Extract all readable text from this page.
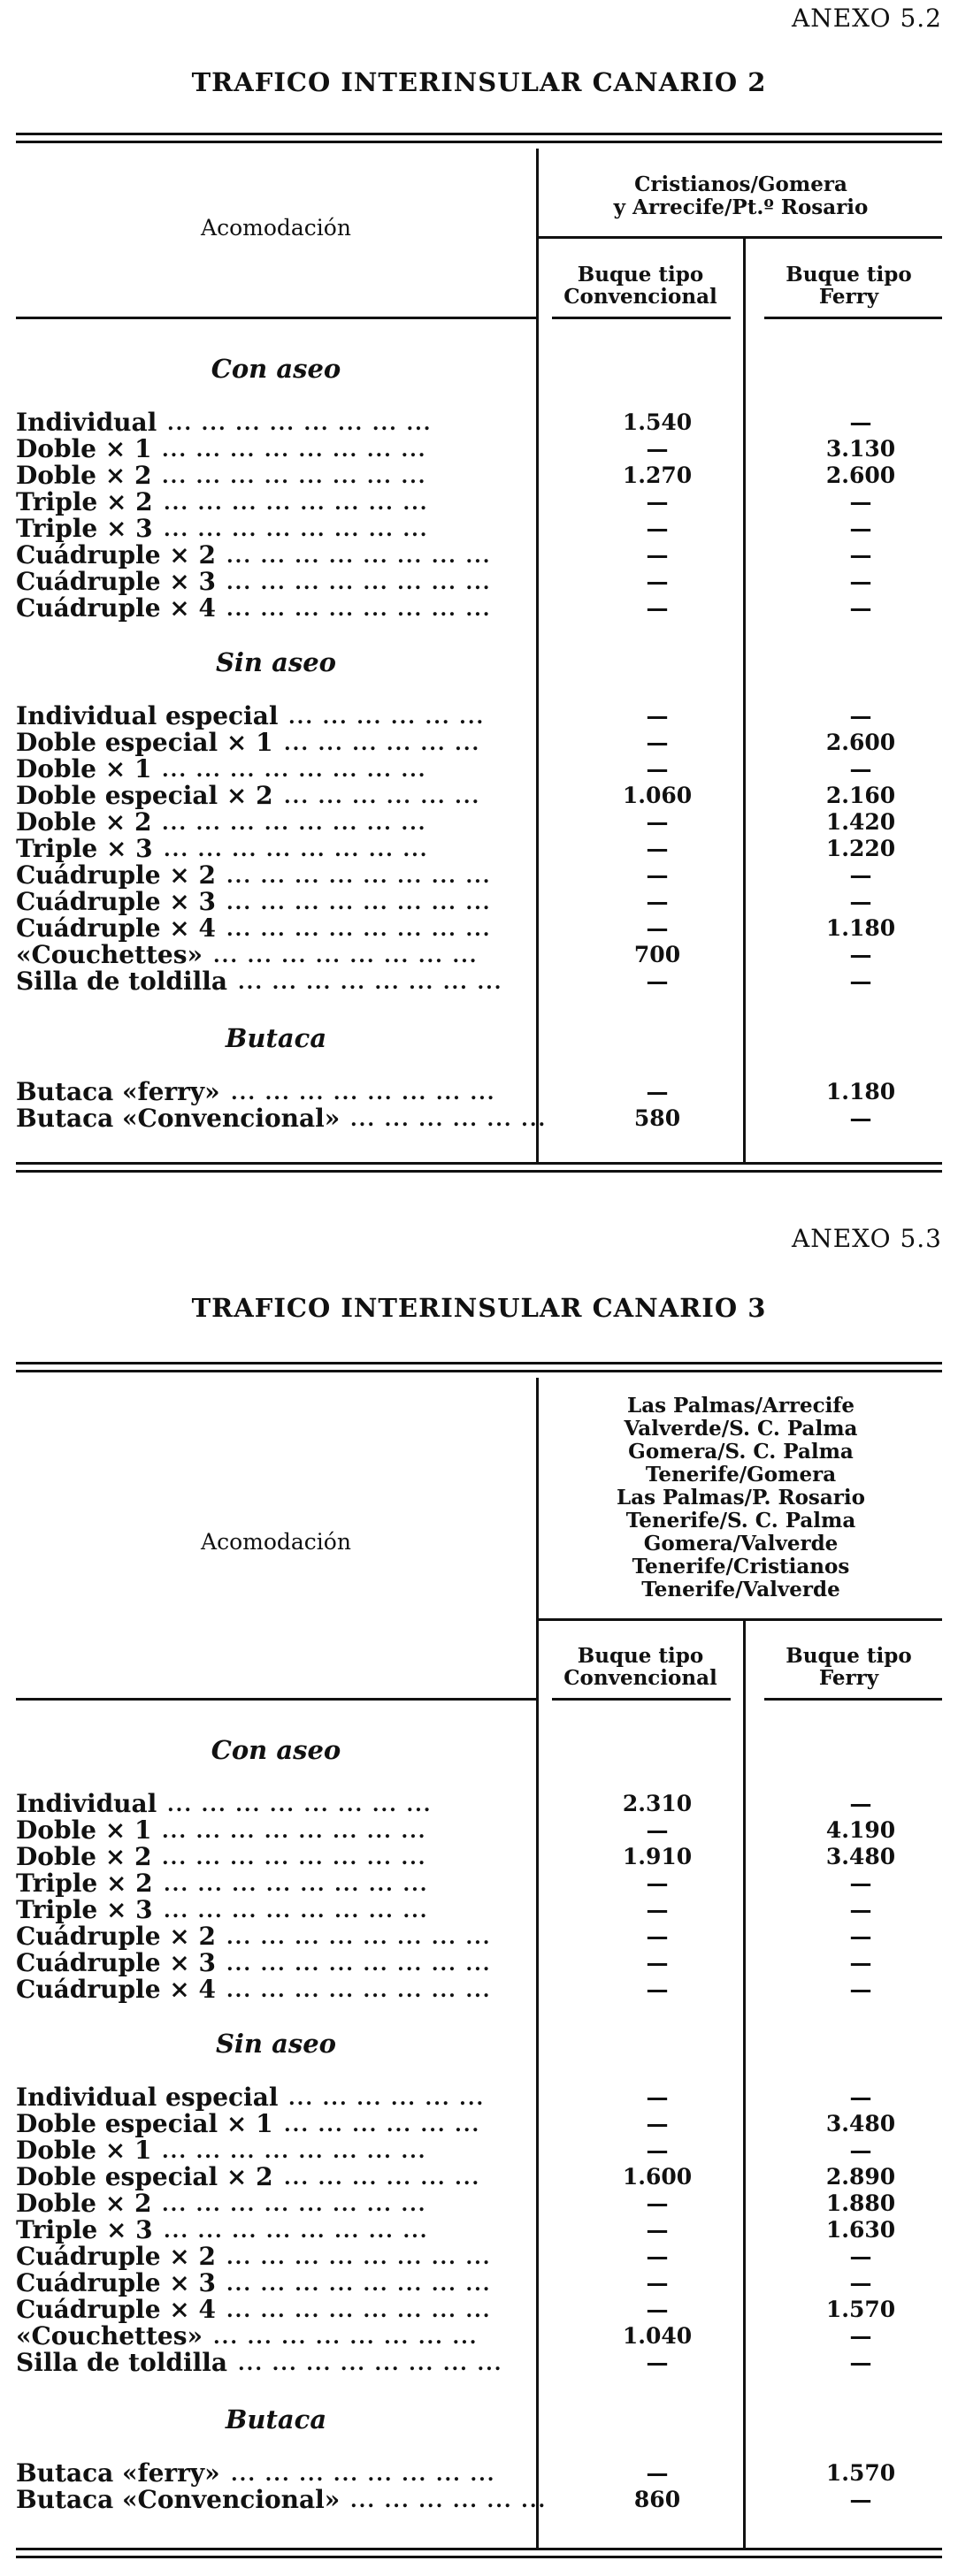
ANEXO 5.2
TRAFICO INTERINSULAR CANARIO 2
Acomodación
Cristianos/Gomera
y Arrecife/Pt.º Rosario
Buque tipo
Convencional
Buque tipo
Ferry
Con aseo
Individual ... ... ... ... ... ... ... ...	1.540	—
Doble × 1 ... ... ... ... ... ... ... ...	—	3.130
Doble × 2 ... ... ... ... ... ... ... ...	1.270	2.600
Triple × 2 ... ... ... ... ... ... ... ...	—	—
Triple × 3 ... ... ... ... ... ... ... ...	—	—
Cuádruple × 2 ... ... ... ... ... ... ... ...	—	—
Cuádruple × 3 ... ... ... ... ... ... ... ...	—	—
Cuádruple × 4 ... ... ... ... ... ... ... ...	—	—
Sin aseo
Individual especial ... ... ... ... ... ...	—	—
Doble especial × 1 ... ... ... ... ... ...	—	2.600
Doble × 1 ... ... ... ... ... ... ... ...	—	—
Doble especial × 2 ... ... ... ... ... ...	1.060	2.160
Doble × 2 ... ... ... ... ... ... ... ...	—	1.420
Triple × 3 ... ... ... ... ... ... ... ...	—	1.220
Cuádruple × 2 ... ... ... ... ... ... ... ...	—	—
Cuádruple × 3 ... ... ... ... ... ... ... ...	—	—
Cuádruple × 4 ... ... ... ... ... ... ... ...	—	1.180
«Couchettes» ... ... ... ... ... ... ... ...	700	—
Silla de toldilla ... ... ... ... ... ... ... ...	—	—
Butaca
Butaca «ferry» ... ... ... ... ... ... ... ...	—	1.180
Butaca «Convencional» ... ... ... ... ... ...	580	—
ANEXO 5.3
TRAFICO INTERINSULAR CANARIO 3
Acomodación
Las Palmas/Arrecife
Valverde/S. C. Palma
Gomera/S. C. Palma
Tenerife/Gomera
Las Palmas/P. Rosario
Tenerife/S. C. Palma
Gomera/Valverde
Tenerife/Cristianos
Tenerife/Valverde
Buque tipo
Convencional
Buque tipo
Ferry
Con aseo
Individual ... ... ... ... ... ... ... ...	2.310	—
Doble × 1 ... ... ... ... ... ... ... ...	—	4.190
Doble × 2 ... ... ... ... ... ... ... ...	1.910	3.480
Triple × 2 ... ... ... ... ... ... ... ...	—	—
Triple × 3 ... ... ... ... ... ... ... ...	—	—
Cuádruple × 2 ... ... ... ... ... ... ... ...	—	—
Cuádruple × 3 ... ... ... ... ... ... ... ...	—	—
Cuádruple × 4 ... ... ... ... ... ... ... ...	—	—
Sin aseo
Individual especial ... ... ... ... ... ...	—	—
Doble especial × 1 ... ... ... ... ... ...	—	3.480
Doble × 1 ... ... ... ... ... ... ... ...	—	—
Doble especial × 2 ... ... ... ... ... ...	1.600	2.890
Doble × 2 ... ... ... ... ... ... ... ...	—	1.880
Triple × 3 ... ... ... ... ... ... ... ...	—	1.630
Cuádruple × 2 ... ... ... ... ... ... ... ...	—	—
Cuádruple × 3 ... ... ... ... ... ... ... ...	—	—
Cuádruple × 4 ... ... ... ... ... ... ... ...	—	1.570
«Couchettes» ... ... ... ... ... ... ... ...	1.040	—
Silla de toldilla ... ... ... ... ... ... ... ...	—	—
Butaca
Butaca «ferry» ... ... ... ... ... ... ... ...	—	1.570
Butaca «Convencional» ... ... ... ... ... ...	860	—
